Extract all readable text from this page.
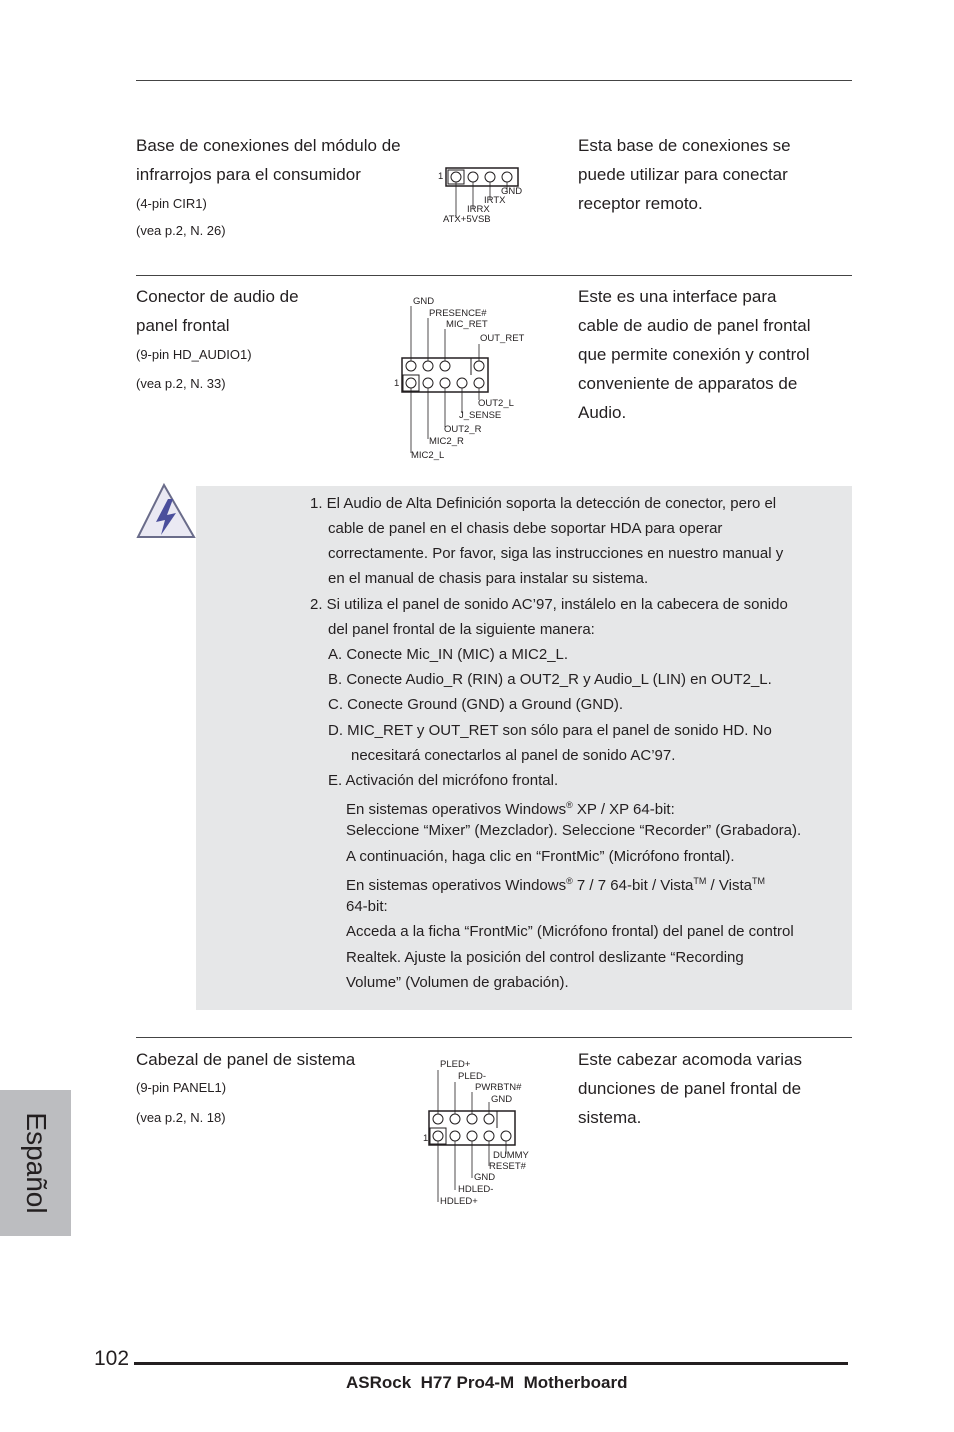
Base de conexiones del módulo de
infrarrojos para el consumidor
(4-pin CIR1)
(vea p.2, N. 26)
Esta base de conexiones se
puede utilizar para conectar
receptor remoto.
1
GND
IRTX
IRRX
ATX+5VSB
Conector de audio de
panel frontal
(9-pin HD_AUDIO1)
(vea p.2, N. 33)
Este es una interface para
cable de audio de panel frontal
que permite conexión y control
conveniente de apparatos de
Audio.
1
GND
PRESENCE#
MIC_RET
OUT_RET
OUT2_L
J_SENSE
OUT2_R
MIC2_R
MIC2_L
1. El Audio de Alta Definición soporta la detección de conector, pero el
cable de panel en el chasis debe soportar HDA para operar
correctamente. Por favor, siga las instrucciones en nuestro manual y
en el manual de chasis para instalar su sistema.
2. Si utiliza el panel de sonido AC’97, instálelo en la cabecera de sonido
del panel frontal de la siguiente manera:
A. Conecte Mic_IN (MIC) a MIC2_L.
B. Conecte Audio_R (RIN) a OUT2_R y Audio_L (LIN) en OUT2_L.
C. Conecte Ground (GND) a Ground (GND).
D. MIC_RET y OUT_RET son sólo para el panel de sonido HD. No
necesitará conectarlos al panel de sonido AC’97.
E. Activación del micrófono frontal.
En sistemas operativos Windows® XP / XP 64-bit:
Seleccione “Mixer” (Mezclador). Seleccione “Recorder” (Grabadora).
A continuación, haga clic en “FrontMic” (Micrófono frontal).
En sistemas operativos Windows® 7 / 7 64-bit / Vista™ / Vista™
64-bit:
Acceda a la ficha “FrontMic” (Micrófono frontal) del panel de control
Realtek. Ajuste la posición del control deslizante “Recording
Volume” (Volumen de grabación).
Cabezal de panel de sistema
(9-pin PANEL1)
(vea p.2, N. 18)
Este cabezar acomoda varias
dunciones de panel frontal de
sistema.
1
PLED+
PLED-
PWRBTN#
GND
DUMMY
RESET#
GND
HDLED-
HDLED+
Español
102
ASRock  H77 Pro4-M  Motherboard
